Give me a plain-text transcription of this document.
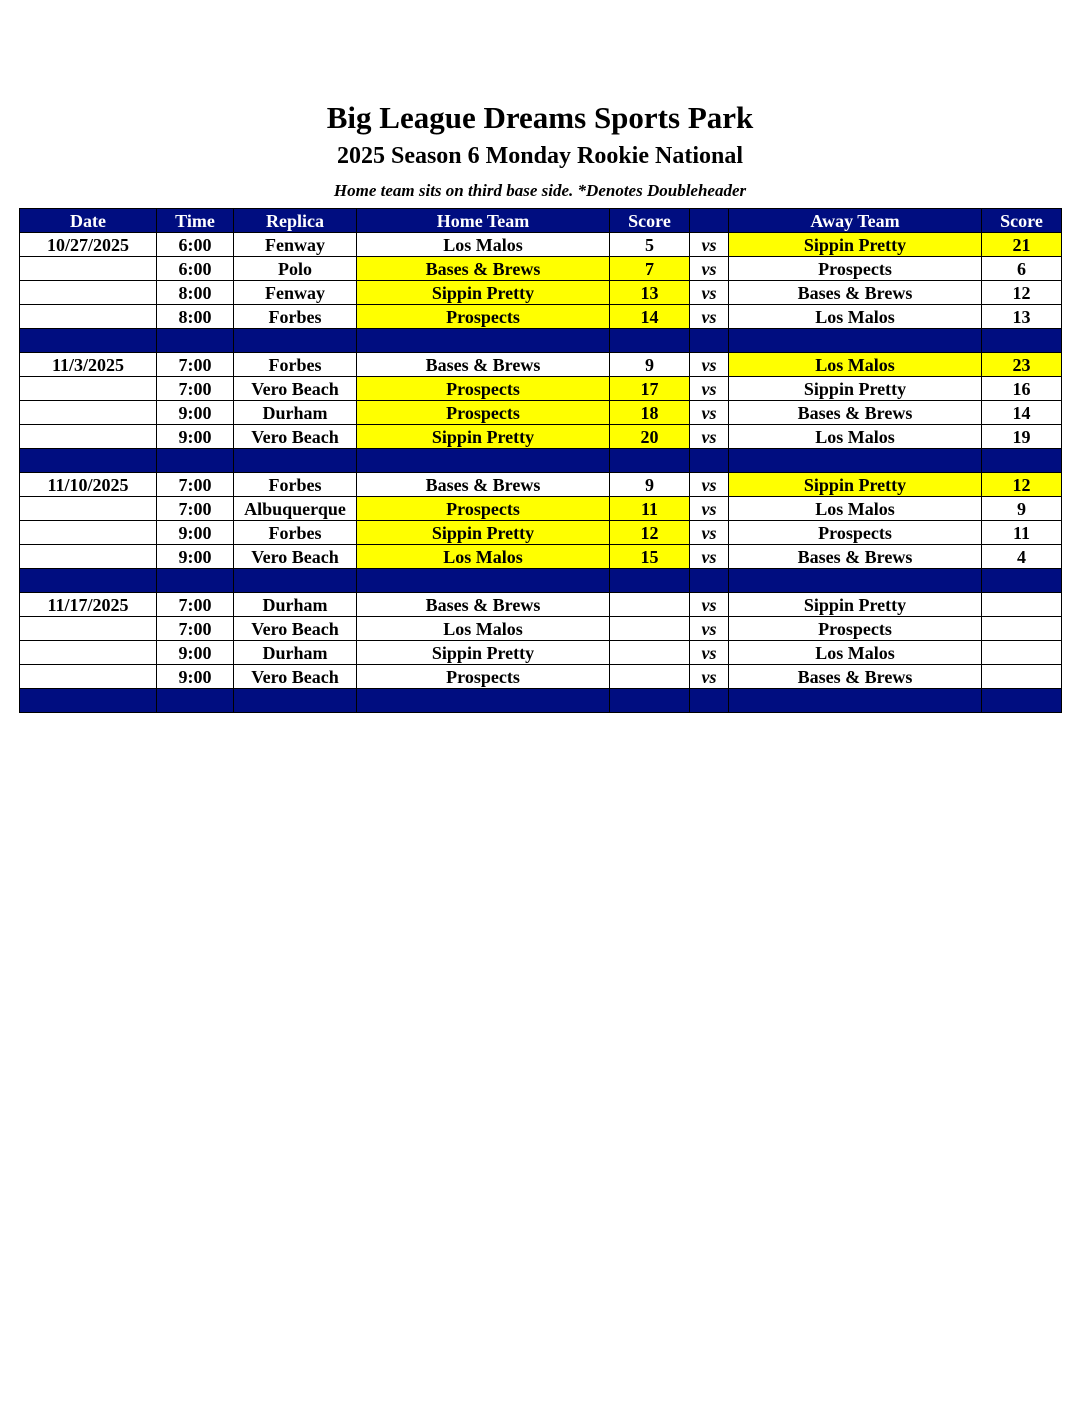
Big League Dreams Sports Park
2025 Season 6 Monday Rookie National
Home team sits on third base side. *Denotes Doubleheader
Date	Time	Replica	Home Team	Score		Away Team	Score
10/27/2025	6:00	Fenway	Los Malos	5	vs	Sippin Pretty	21
	6:00	Polo	Bases & Brews	7	vs	Prospects	6
	8:00	Fenway	Sippin Pretty	13	vs	Bases & Brews	12
	8:00	Forbes	Prospects	14	vs	Los Malos	13

11/3/2025	7:00	Forbes	Bases & Brews	9	vs	Los Malos	23
	7:00	Vero Beach	Prospects	17	vs	Sippin Pretty	16
	9:00	Durham	Prospects	18	vs	Bases & Brews	14
	9:00	Vero Beach	Sippin Pretty	20	vs	Los Malos	19

11/10/2025	7:00	Forbes	Bases & Brews	9	vs	Sippin Pretty	12
	7:00	Albuquerque	Prospects	11	vs	Los Malos	9
	9:00	Forbes	Sippin Pretty	12	vs	Prospects	11
	9:00	Vero Beach	Los Malos	15	vs	Bases & Brews	4

11/17/2025	7:00	Durham	Bases & Brews		vs	Sippin Pretty	
	7:00	Vero Beach	Los Malos		vs	Prospects	
	9:00	Durham	Sippin Pretty		vs	Los Malos	
	9:00	Vero Beach	Prospects		vs	Bases & Brews	
